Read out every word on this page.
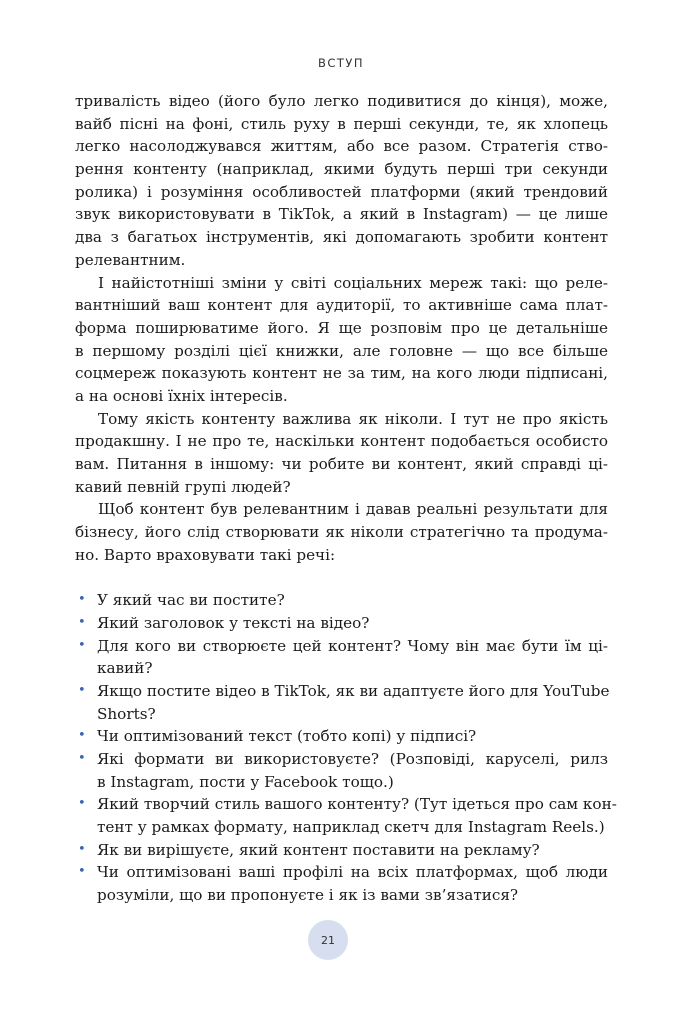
ВСТУП
тривалість відео (його було легко подивитися до кінця), може,
вайб пісні на фоні, стиль руху в перші секунди, те, як хлопець
легко насолоджувався життям, або все разом. Стратегія ство-
рення контенту (наприклад, якими будуть перші три секунди
ролика) і розуміння особливостей платформи (який трендовий
звук використовувати в TikTok, а який в Instagram) — це лише
два з багатьох інструментів, які допомагають зробити контент
релевантним.
І найістотніші зміни у світі соціальних мереж такі: що реле-
вантніший ваш контент для аудиторії, то активніше сама плат-
форма поширюватиме його. Я ще розповім про це детальніше
в першому розділі цієї книжки, але головне — що все більше
соцмереж показують контент не за тим, на кого люди підписані,
а на основі їхніх інтересів.
Тому якість контенту важлива як ніколи. І тут не про якість
продакшну. І не про те, наскільки контент подобається особисто
вам. Питання в іншому: чи робите ви контент, який справді ці-
кавий певній групі людей?
Щоб контент був релевантним і давав реальні результати для
бізнесу, його слід створювати як ніколи стратегічно та продума-
но. Варто враховувати такі речі:
• У який час ви постите?
• Який заголовок у тексті на відео?
• Для кого ви створюєте цей контент? Чому він має бути їм ці-
кавий?
• Якщо постите відео в TikTok, як ви адаптуєте його для YouTube
Shorts?
• Чи оптимізований текст (тобто копі) у підписі?
• Які формати ви використовуєте? (Розповіді, каруселі, рилз
в Instagram, пости у Facebook тощо.)
• Який творчий стиль вашого контенту? (Тут ідеться про сам кон-
тент у рамках формату, наприклад скетч для Instagram Reels.)
• Як ви вирішуєте, який контент поставити на рекламу?
• Чи оптимізовані ваші профілі на всіх платформах, щоб люди
розуміли, що ви пропонуєте і як із вами зв’язатися?
21
